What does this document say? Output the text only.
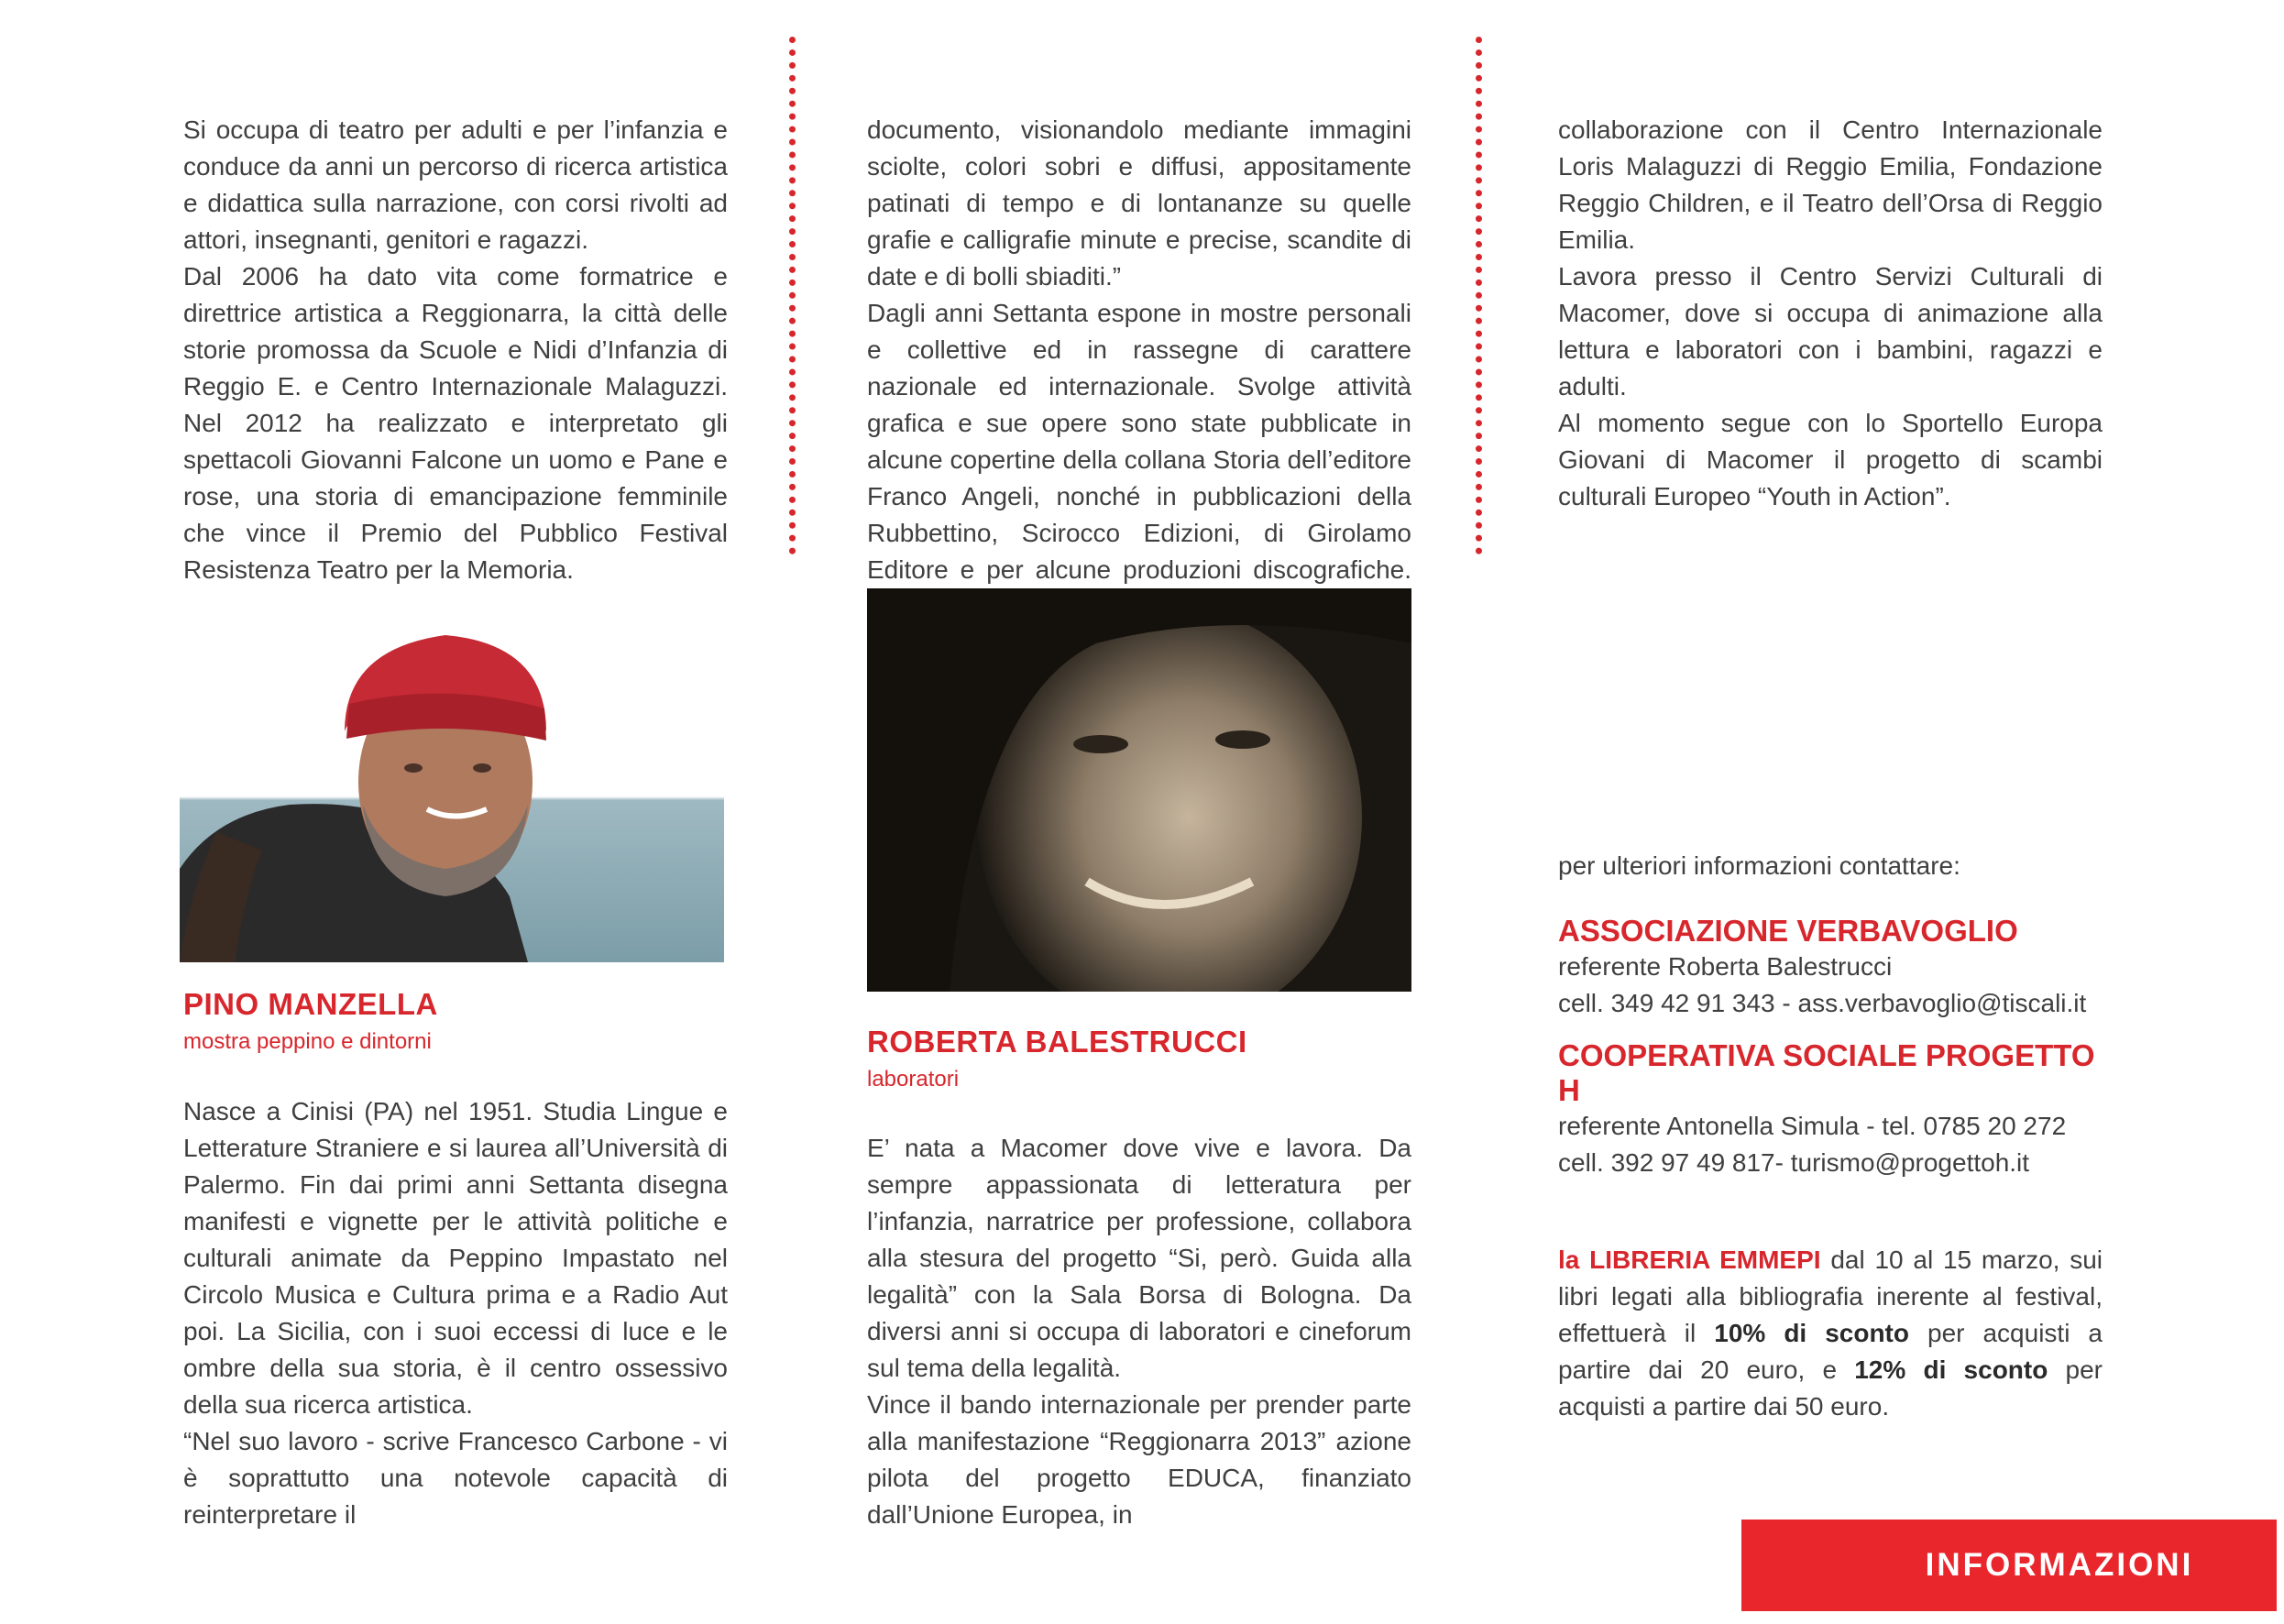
Si occupa di teatro per adulti e per l’infanzia e conduce da anni un percorso di ricerca artistica e didattica sulla narrazione, con corsi rivolti ad attori, insegnanti, genitori e ragazzi.
Dal 2006 ha dato vita come formatrice e direttrice artistica a Reggionarra, la città delle storie promossa da Scuole e Nidi d’Infanzia di Reggio E. e Centro Internazionale Malaguzzi. Nel 2012 ha realizzato e interpretato gli spettacoli Giovanni Falcone un uomo e Pane e rose, una storia di emancipazione femminile che vince il Premio del Pubblico Festival Resistenza Teatro per la Memoria.

PINO MANZELLA

mostra peppino e dintorni

Nasce a Cinisi (PA) nel 1951. Studia Lingue e Letterature Straniere e si laurea all’Università di Palermo. Fin dai primi anni Settanta disegna manifesti e vignette per le attività politiche e culturali animate da Peppino Impastato nel Circolo Musica e Cultura prima e a Radio Aut poi. La Sicilia, con i suoi eccessi di luce e le ombre della sua storia, è il centro ossessivo della sua ricerca artistica.
“Nel suo lavoro - scrive Francesco Carbone - vi è soprattutto una notevole capacità di reinterpretare il

documento, visionandolo mediante immagini sciolte, colori sobri e diffusi, appositamente patinati di tempo e di lontananze su quelle grafie e calligrafie minute e precise, scandite di date e di bolli sbiaditi.”
Dagli anni Settanta espone in mostre personali e collettive ed in rassegne di carattere nazionale ed internazionale. Svolge attività grafica e sue opere sono state pubblicate in alcune copertine della collana Storia dell’editore Franco Angeli, nonché in pubblicazioni della Rubbettino, Scirocco Edizioni, di Girolamo Editore e per alcune produzioni discografiche.

ROBERTA BALESTRUCCI

laboratori

E’ nata a Macomer dove vive e lavora. Da sempre appassionata di letteratura per l’infanzia, narratrice per professione, collabora alla stesura del progetto “Si, però. Guida alla legalità” con la Sala Borsa di Bologna. Da diversi anni si occupa di laboratori e cineforum sul tema della legalità.
Vince il bando internazionale per prender parte alla manifestazione “Reggionarra 2013” azione pilota del progetto EDUCA, finanziato dall’Unione Europea, in

collaborazione con il Centro Internazionale Loris Malaguzzi di Reggio Emilia, Fondazione Reggio Children, e il Teatro dell’Orsa di Reggio Emilia.
Lavora presso il Centro Servizi Culturali di Macomer, dove si occupa di animazione alla lettura e laboratori con i bambini, ragazzi e adulti.
Al momento segue con lo Sportello Europa Giovani di Macomer il progetto di scambi culturali Europeo “Youth in Action”.

per ulteriori informazioni contattare:

ASSOCIAZIONE VERBAVOGLIO

referente Roberta Balestrucci

cell. 349 42 91 343 - ass.verbavoglio@tiscali.it

COOPERATIVA SOCIALE PROGETTO H

referente Antonella Simula - tel. 0785 20 272

cell. 392 97 49 817- turismo@progettoh.it

la LIBRERIA EMMEPI dal 10 al 15 marzo, sui libri legati alla bibliografia inerente al festival, effettuerà il 10% di sconto per acquisti a partire dai 20 euro, e 12% di sconto per acquisti a partire dai 50 euro.

INFORMAZIONI
